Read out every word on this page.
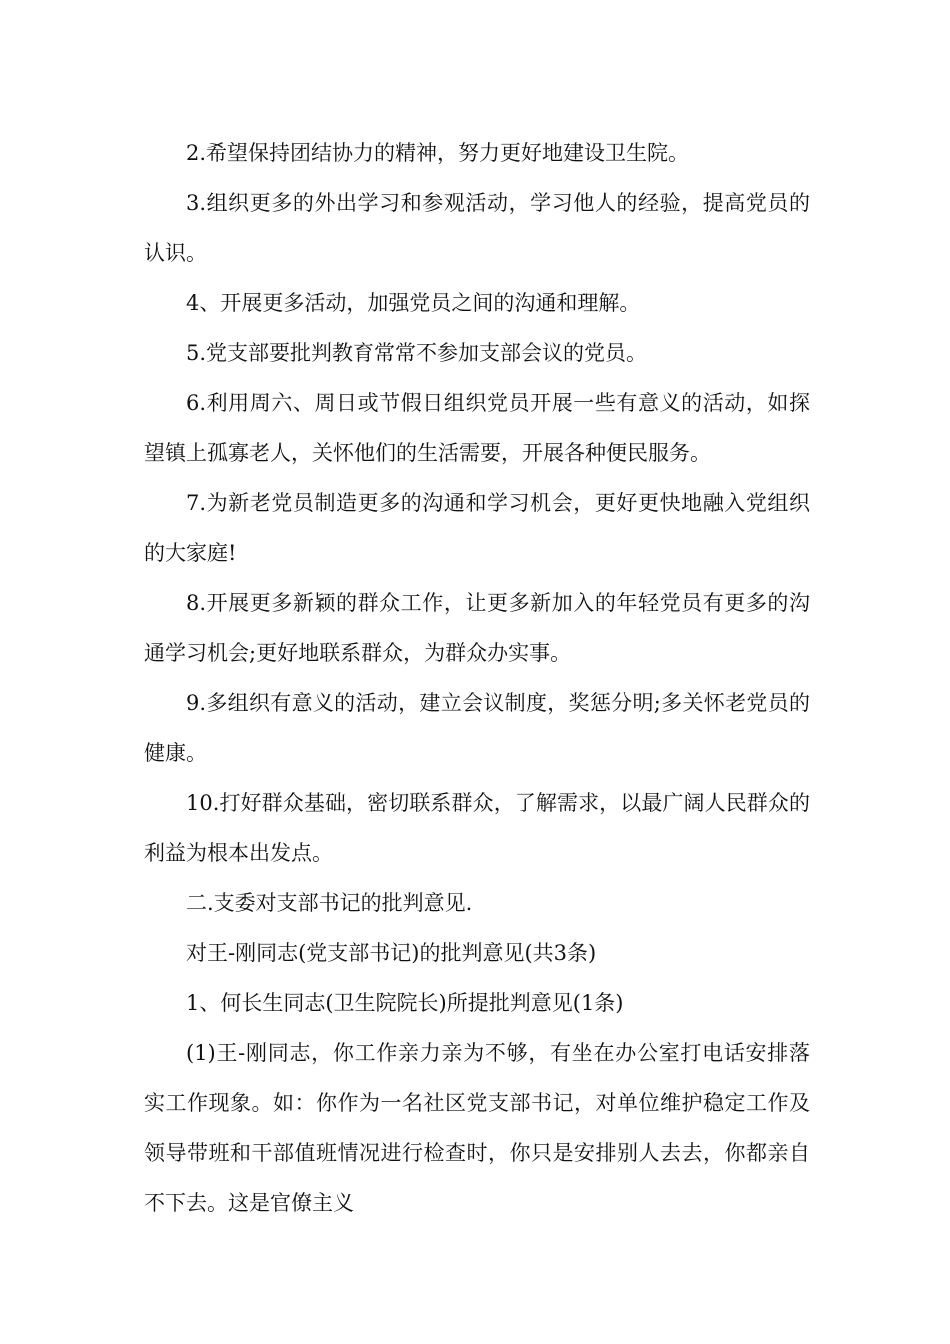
2.希望保持团结协力的精神，努力更好地建设卫生院。

3.组织更多的外出学习和参观活动，学习他人的经验，提高党员的认识。

4、开展更多活动，加强党员之间的沟通和理解。

5.党支部要批判教育常常不参加支部会议的党员。

6.利用周六、周日或节假日组织党员开展一些有意义的活动，如探望镇上孤寡老人，关怀他们的生活需要，开展各种便民服务。

7.为新老党员制造更多的沟通和学习机会，更好更快地融入党组织的大家庭!

8.开展更多新颖的群众工作，让更多新加入的年轻党员有更多的沟通学习机会;更好地联系群众，为群众办实事。

9.多组织有意义的活动，建立会议制度，奖惩分明;多关怀老党员的健康。

10.打好群众基础，密切联系群众，了解需求，以最广阔人民群众的利益为根本出发点。

二.支委对支部书记的批判意见.

对王-刚同志(党支部书记)的批判意见(共3条)

1、何长生同志(卫生院院长)所提批判意见(1条)

(1)王-刚同志，你工作亲力亲为不够，有坐在办公室打电话安排落实工作现象。如：你作为一名社区党支部书记，对单位维护稳定工作及领导带班和干部值班情况进行检查时，你只是安排别人去去，你都亲自不下去。这是官僚主义
